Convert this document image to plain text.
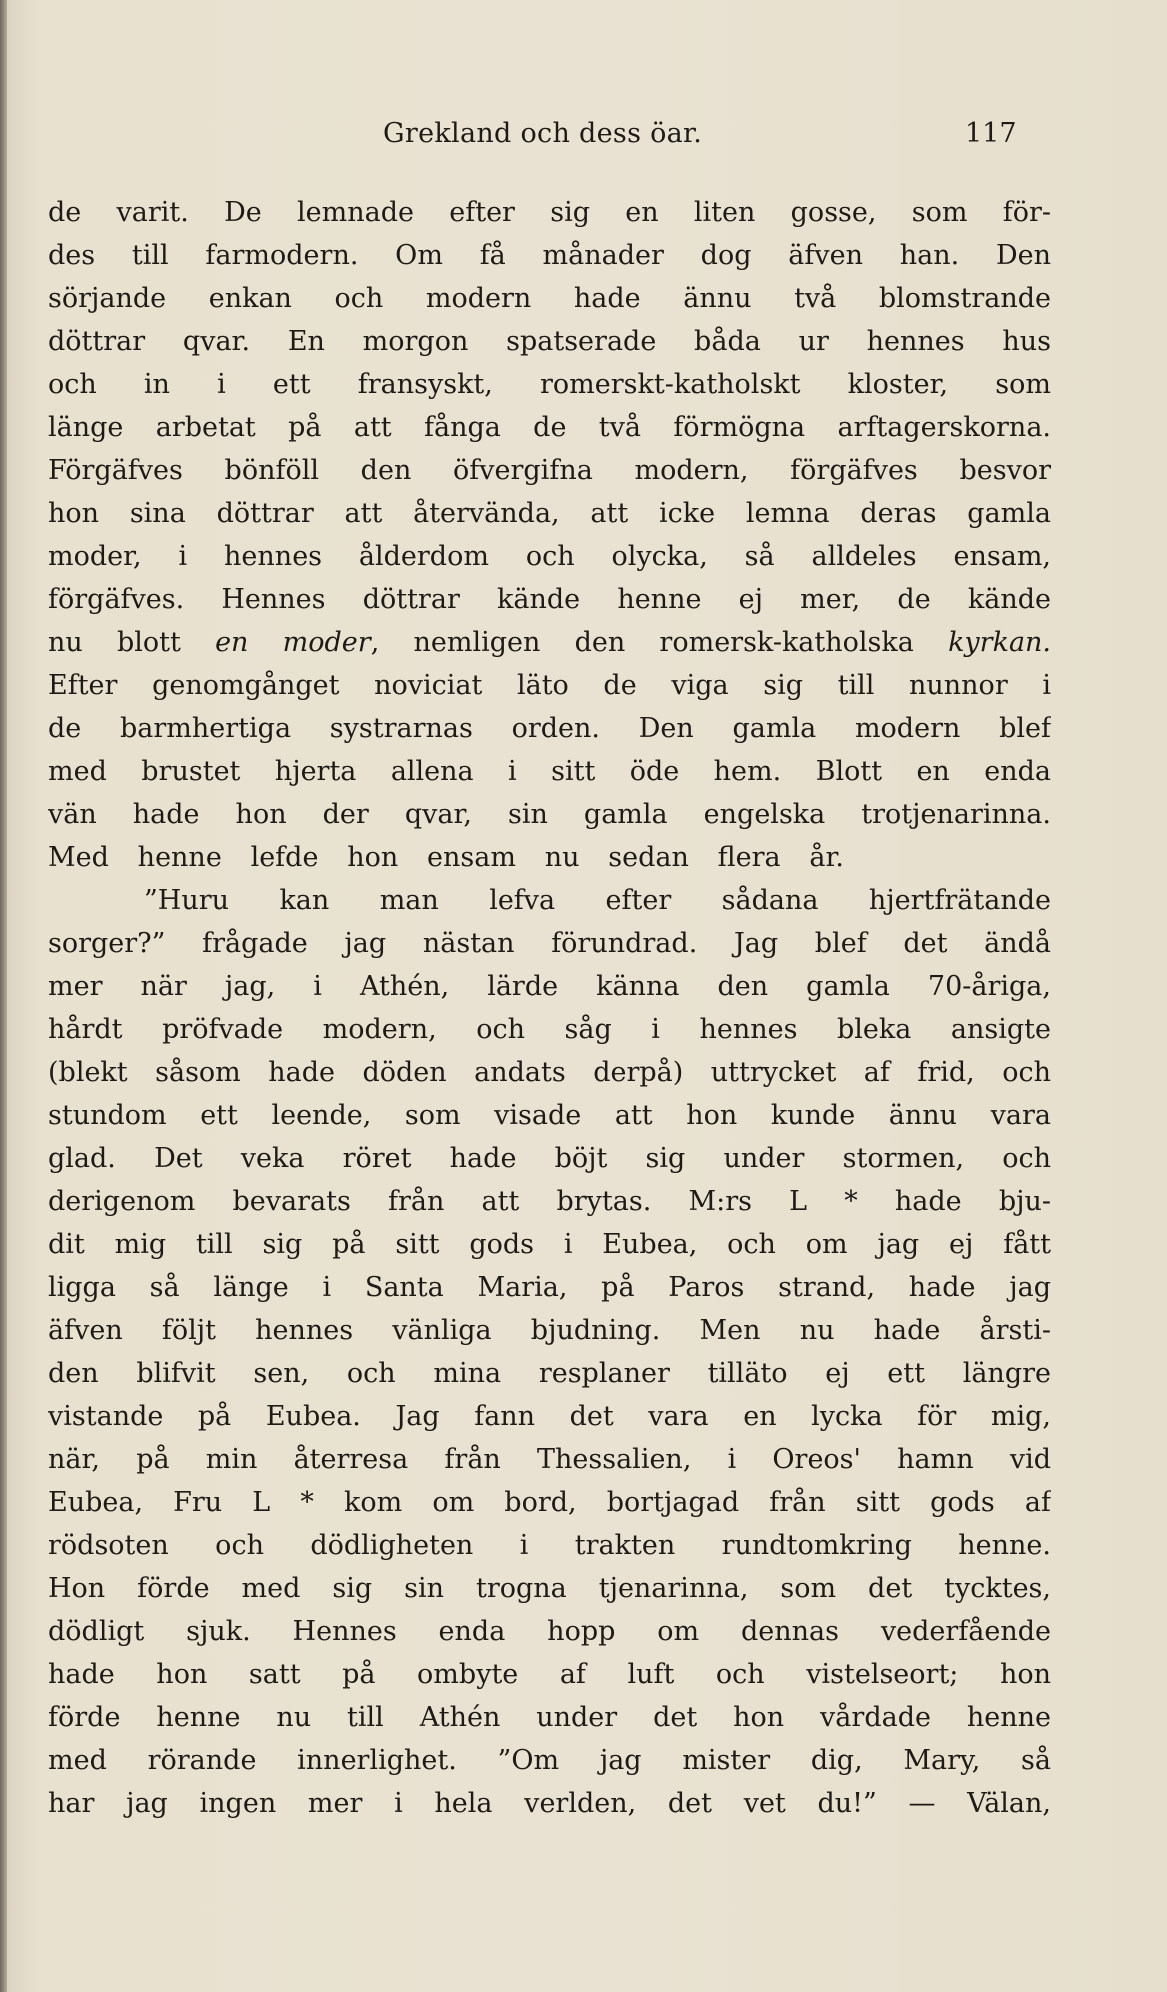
Grekland och dess öar.	117
de varit. De lemnade efter sig en liten gosse, som för-
des till farmodern. Om få månader dog äfven han. Den
sörjande enkan och modern hade ännu två blomstrande
döttrar qvar. En morgon spatserade båda ur hennes hus
och in i ett fransyskt, romerskt-katholskt kloster, som
länge arbetat på att fånga de två förmögna arftagerskorna.
Förgäfves bönföll den öfvergifna modern, förgäfves besvor
hon sina döttrar att återvända, att icke lemna deras gamla
moder, i hennes ålderdom och olycka, så alldeles ensam,
förgäfves. Hennes döttrar kände henne ej mer, de kände
nu blott en moder, nemligen den romersk-katholska kyrkan.
Efter genomgånget noviciat läto de viga sig till nunnor i
de barmhertiga systrarnas orden. Den gamla modern blef
med brustet hjerta allena i sitt öde hem. Blott en enda
vän hade hon der qvar, sin gamla engelska trotjenarinna.
Med henne lefde hon ensam nu sedan flera år.
”Huru kan man lefva efter sådana hjertfrätande
sorger?” frågade jag nästan förundrad. Jag blef det ändå
mer när jag, i Athén, lärde känna den gamla 70-åriga,
hårdt pröfvade modern, och såg i hennes bleka ansigte
(blekt såsom hade döden andats derpå) uttrycket af frid, och
stundom ett leende, som visade att hon kunde ännu vara
glad. Det veka röret hade böjt sig under stormen, och
derigenom bevarats från att brytas. M:rs L * hade bju-
dit mig till sig på sitt gods i Eubea, och om jag ej fått
ligga så länge i Santa Maria, på Paros strand, hade jag
äfven följt hennes vänliga bjudning. Men nu hade årsti-
den blifvit sen, och mina resplaner tilläto ej ett längre
vistande på Eubea. Jag fann det vara en lycka för mig,
när, på min återresa från Thessalien, i Oreos' hamn vid
Eubea, Fru L * kom om bord, bortjagad från sitt gods af
rödsoten och dödligheten i trakten rundtomkring henne.
Hon förde med sig sin trogna tjenarinna, som det tycktes,
dödligt sjuk. Hennes enda hopp om dennas vederfående
hade hon satt på ombyte af luft och vistelseort; hon
förde henne nu till Athén under det hon vårdade henne
med rörande innerlighet. ”Om jag mister dig, Mary, så
har jag ingen mer i hela verlden, det vet du!” — Välan,
